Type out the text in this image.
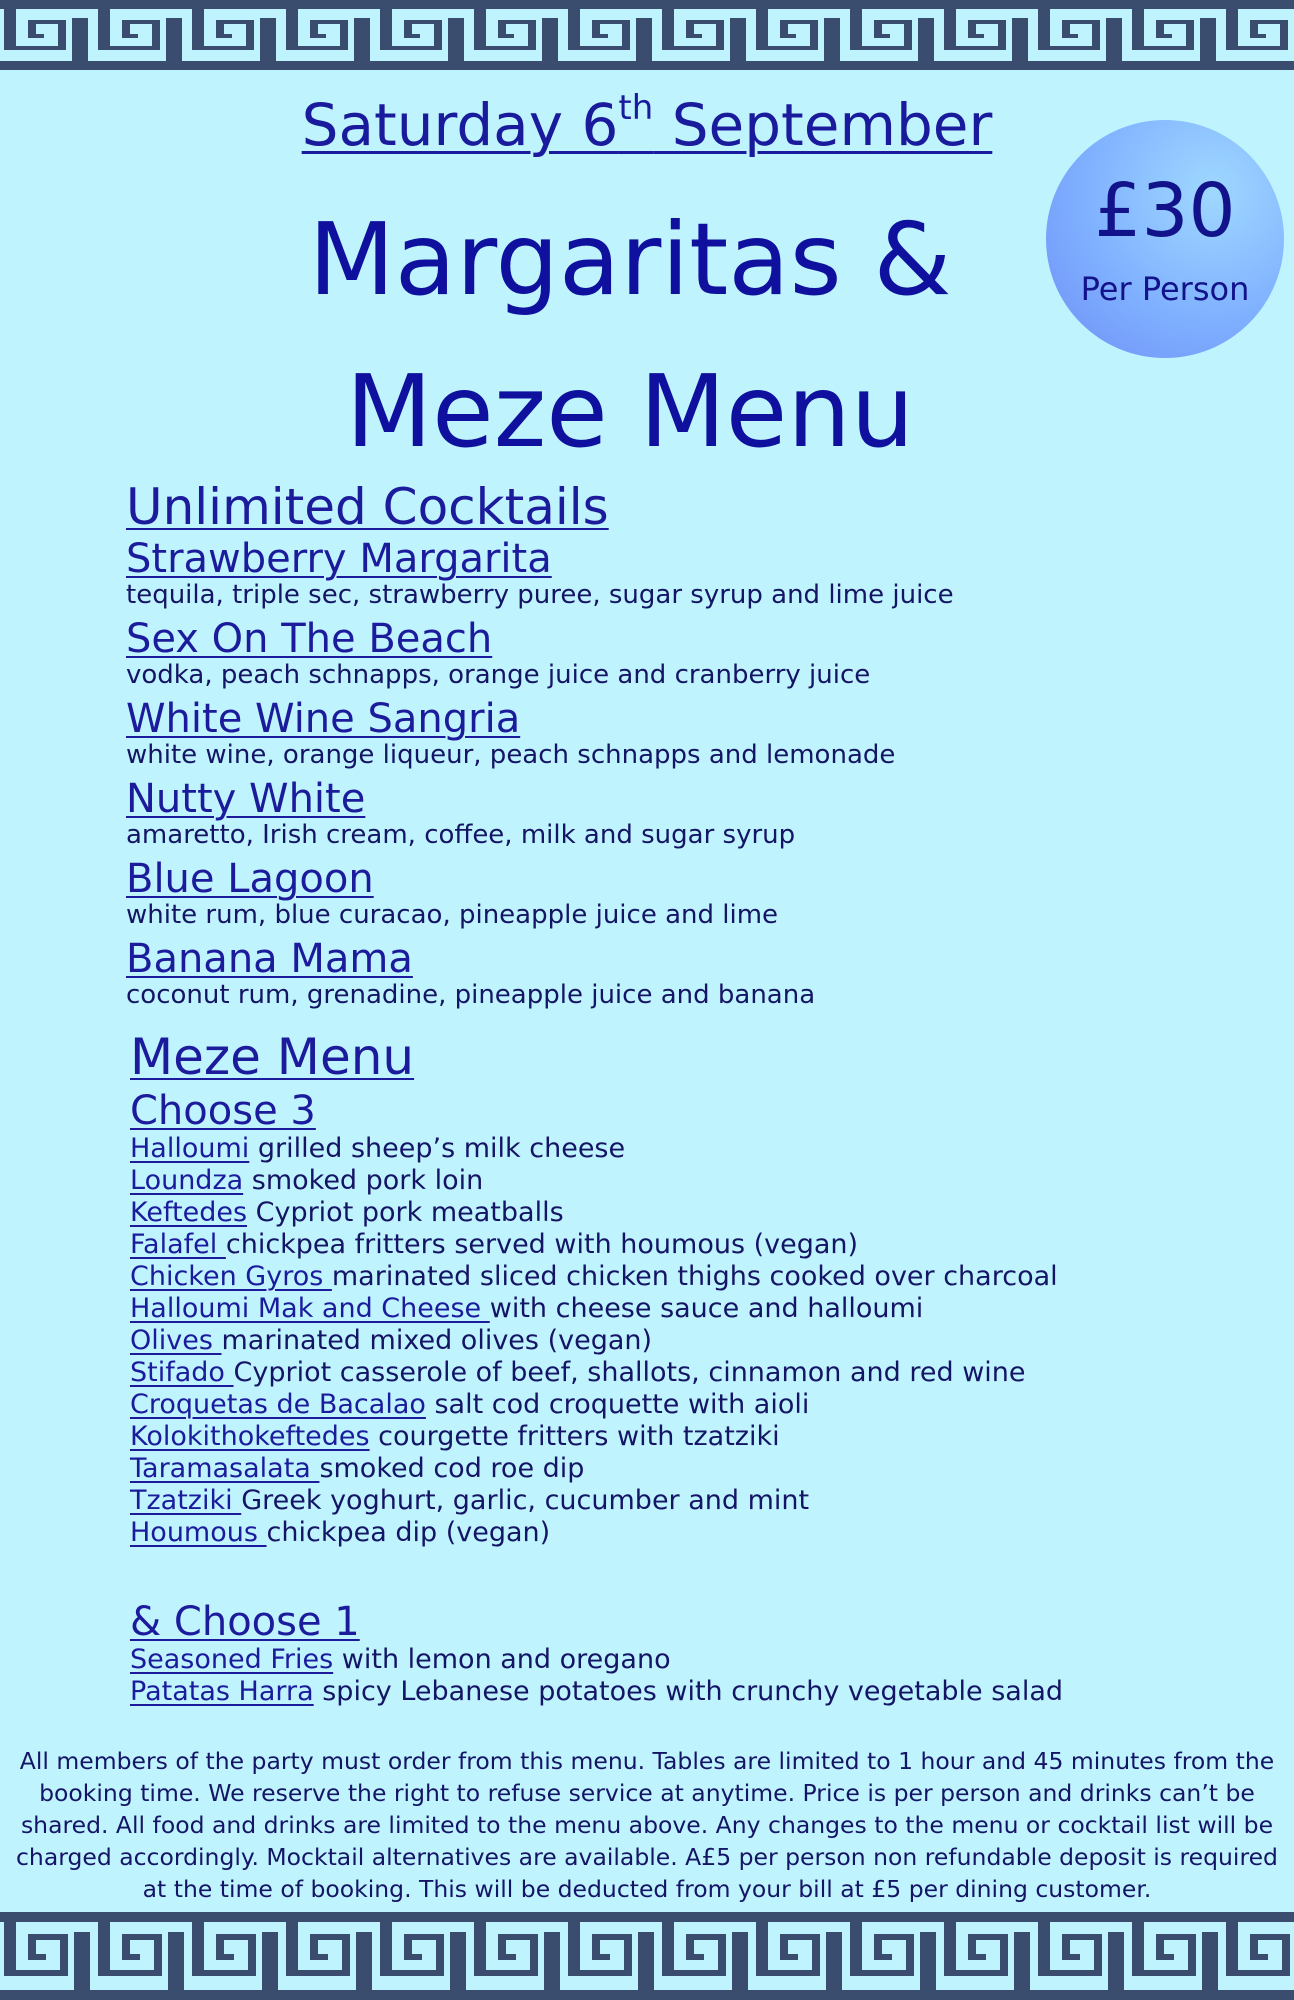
Saturday 6th September
Margaritas &
Meze Menu
£30
Per Person
Unlimited Cocktails
Strawberry Margarita
tequila, triple sec, strawberry puree, sugar syrup and lime juice
Sex On The Beach
vodka, peach schnapps, orange juice and cranberry juice
White Wine Sangria
white wine, orange liqueur, peach schnapps and lemonade
Nutty White
amaretto, Irish cream, coffee, milk and sugar syrup
Blue Lagoon
white rum, blue curacao, pineapple juice and lime
Banana Mama
coconut rum, grenadine, pineapple juice and banana
Meze Menu
Choose 3
Halloumi grilled sheep’s milk cheese
Loundza smoked pork loin
Keftedes Cypriot pork meatballs
Falafel chickpea fritters served with houmous (vegan)
Chicken Gyros marinated sliced chicken thighs cooked over charcoal
Halloumi Mak and Cheese with cheese sauce and halloumi
Olives marinated mixed olives (vegan)
Stifado Cypriot casserole of beef, shallots, cinnamon and red wine
Croquetas de Bacalao salt cod croquette with aioli
Kolokithokeftedes courgette fritters with tzatziki
Taramasalata smoked cod roe dip
Tzatziki Greek yoghurt, garlic, cucumber and mint
Houmous chickpea dip (vegan)
& Choose 1
Seasoned Fries with lemon and oregano
Patatas Harra spicy Lebanese potatoes with crunchy vegetable salad
All members of the party must order from this menu. Tables are limited to 1 hour and 45 minutes from the booking time. We reserve the right to refuse service at anytime. Price is per person and drinks can’t be shared. All food and drinks are limited to the menu above. Any changes to the menu or cocktail list will be charged accordingly. Mocktail alternatives are available. A£5 per person non refundable deposit is required at the time of booking. This will be deducted from your bill at £5 per dining customer.
